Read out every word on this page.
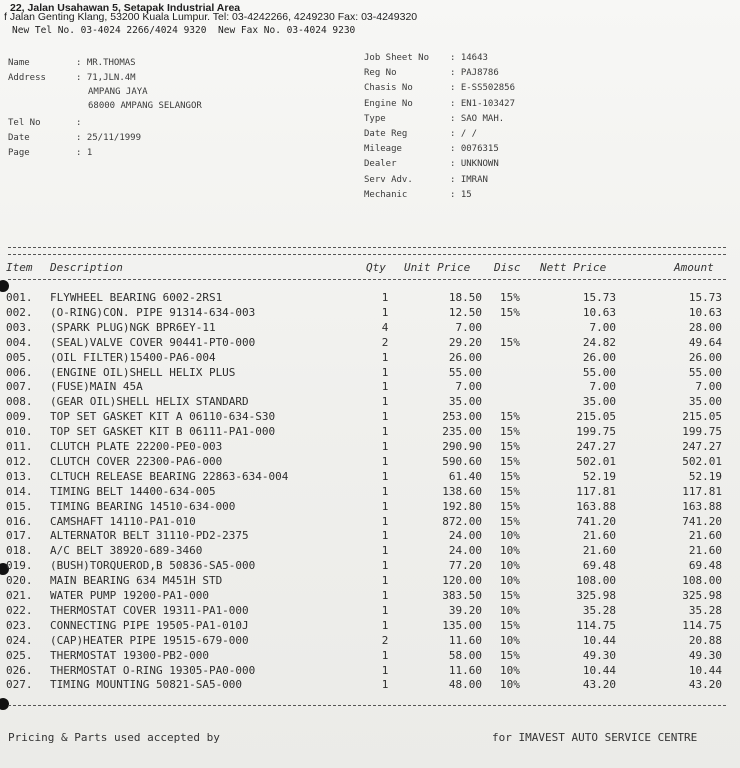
22, Jalan Usahawan 5, Setapak Industrial Area
f Jalan Genting Klang, 53200 Kuala Lumpur. Tel: 03-4242266, 4249230 Fax: 03-4249320
New Tel No. 03-4024 2266/4024 9320 New Fax No. 03-4024 9230
Name	: MR.THOMAS
Address	: 71,JLN.4M
AMPANG JAYA
68000 AMPANG SELANGOR
Tel No	:
Date	: 25/11/1999
Page	: 1
Job Sheet No : 14643
Reg No	: PAJ8786
Chasis No	: E-SS502856
Engine No	: EN1-103427
Type	: SAO MAH.
Date Reg	: / /
Mileage	: 0076315
Dealer	: UNKNOWN
Serv Adv.	: IMRAN
Mechanic	: 15
Item Description	Qty Unit Price Disc Nett Price	Amount
001. FLYWHEEL BEARING 6002-2RS1	1	18.50 15%	15.73	15.73
002. (O-RING)CON. PIPE 91314-634-003	1	12.50 15%	10.63	10.63
003. (SPARK PLUG)NGK BPR6EY-11	4	7.00	7.00	28.00
004. (SEAL)VALVE COVER 90441-PT0-000	2	29.20 15%	24.82	49.64
005. (OIL FILTER)15400-PA6-004	1	26.00	26.00	26.00
006. (ENGINE OIL)SHELL HELIX PLUS	1	55.00	55.00	55.00
007. (FUSE)MAIN 45A	1	7.00	7.00	7.00
008. (GEAR OIL)SHELL HELIX STANDARD	1	35.00	35.00	35.00
009. TOP SET GASKET KIT A 06110-634-S30	1	253.00 15%	215.05	215.05
010. TOP SET GASKET KIT B 06111-PA1-000	1	235.00 15%	199.75	199.75
011. CLUTCH PLATE 22200-PE0-003	1	290.90 15%	247.27	247.27
012. CLUTCH COVER 22300-PA6-000	1	590.60 15%	502.01	502.01
013. CLTUCH RELEASE BEARING 22863-634-004	1	61.40 15%	52.19	52.19
014. TIMING BELT 14400-634-005	1	138.60 15%	117.81	117.81
015. TIMING BEARING 14510-634-000	1	192.80 15%	163.88	163.88
016. CAMSHAFT 14110-PA1-010	1	872.00 15%	741.20	741.20
017. ALTERNATOR BELT 31110-PD2-2375	1	24.00 10%	21.60	21.60
018. A/C BELT 38920-689-3460	1	24.00 10%	21.60	21.60
019. (BUSH)TORQUEROD,B 50836-SA5-000	1	77.20 10%	69.48	69.48
020. MAIN BEARING 634 M451H STD	1	120.00 10%	108.00	108.00
021. WATER PUMP 19200-PA1-000	1	383.50 15%	325.98	325.98
022. THERMOSTAT COVER 19311-PA1-000	1	39.20 10%	35.28	35.28
023. CONNECTING PIPE 19505-PA1-010J	1	135.00 15%	114.75	114.75
024. (CAP)HEATER PIPE 19515-679-000	2	11.60 10%	10.44	20.88
025. THERMOSTAT 19300-PB2-000	1	58.00 15%	49.30	49.30
026. THERMOSTAT O-RING 19305-PA0-000	1	11.60 10%	10.44	10.44
027. TIMING MOUNTING 50821-SA5-000	1	48.00 10%	43.20	43.20
Pricing & Parts used accepted by	for IMAVEST AUTO SERVICE CENTRE
